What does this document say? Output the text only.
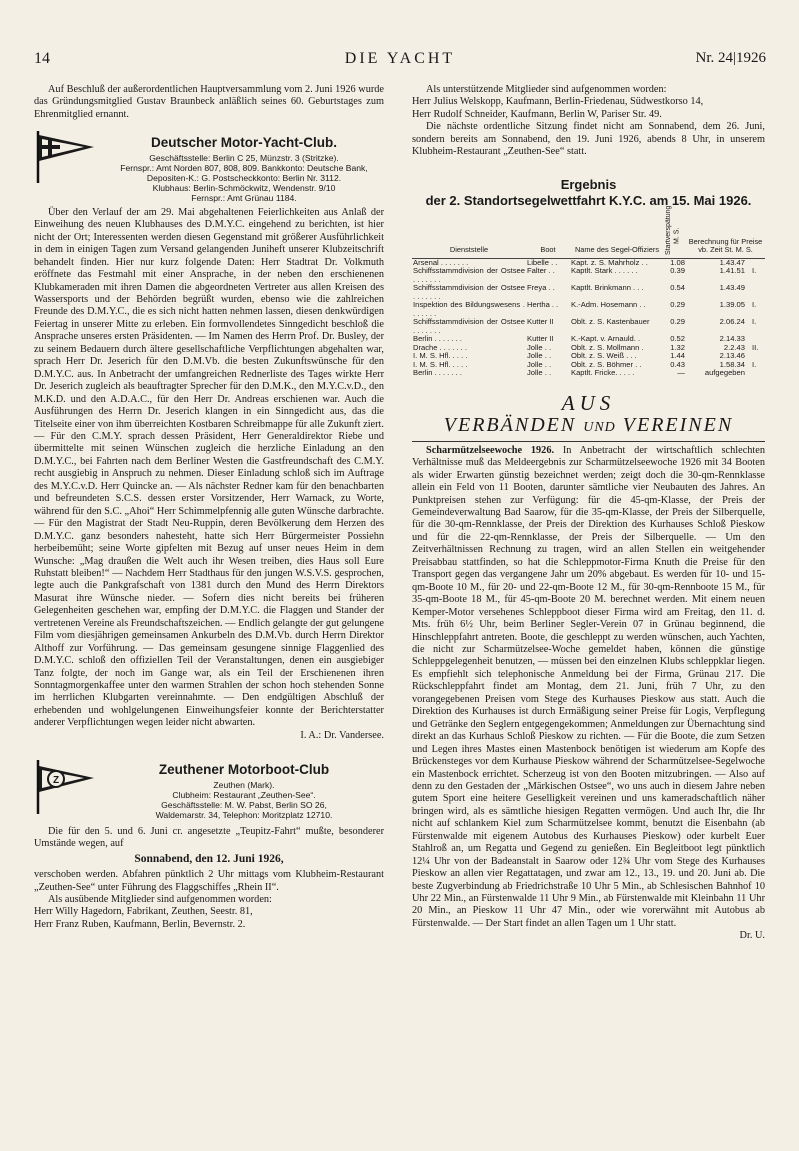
14	DIE YACHT	Nr. 24|1926

Auf Beschluß der außerordentlichen Hauptversammlung vom 2. Juni 1926 wurde das Gründungsmitglied Gustav Braunbeck anläßlich seines 60. Geburtstages zum Ehrenmitglied ernannt.

Deutscher Motor-Yacht-Club.
Geschäftsstelle: Berlin C 25, Münzstr. 3 (Stritzke).
Fernspr.: Amt Norden 807, 808, 809. Bankkonto: Deutsche Bank, Depositen-K.: G. Postscheckkonto: Berlin Nr. 3112.
Klubhaus: Berlin-Schmöckwitz, Wendenstr. 9/10
Fernspr.: Amt Grünau 1184.

Über den Verlauf der am 29. Mai abgehaltenen Feierlichkeiten aus Anlaß der Einweihung des neuen Klubhauses des D.M.Y.C. eingehend zu berichten, ist hier nicht der Ort; Interessenten werden diesen Gegenstand mit größerer Ausführlichkeit in dem in einigen Tagen zum Versand gelangenden Juniheft unserer Klubzeitschrift behandelt finden. Hier nur kurz folgende Daten: Herr Stadtrat Dr. Volkmuth eröffnete das Festmahl mit einer Ansprache, in der neben den erschienenen Klubkameraden mit ihren Damen die abgeordneten Vertreter aus allen Kreisen des Wassersports und der Behörden begrüßt wurden, ebenso wie die zahlreichen Freunde des D.M.Y.C., die es sich nicht hatten nehmen lassen, diesen denkwürdigen Feiertag in unserer Mitte zu erleben. Ein formvollendetes Sinngedicht beschloß die Ansprache unseres ersten Präsidenten. — Im Namen des Herrn Prof. Dr. Busley, der zu seinem Bedauern durch ältere gesellschaftliche Verpflichtungen abgehalten war, sprach Herr Dr. Jeserich für den D.M.Vb. die besten Zukunftswünsche für den D.M.Y.C. aus. In Anbetracht der umfangreichen Rednerliste des Tages wirkte Herr Dr. Jeserich zugleich als beauftragter Sprecher für den D.M.K., den M.Y.C.v.D., den M.K.D. und den A.D.A.C., für den Herr Dr. Andreas erschienen war. Auch die Ausführungen des Herrn Dr. Jeserich klangen in ein Sinngedicht aus, das die Titelseite einer von ihm überreichten Kostbaren Schreibmappe für alle Zukunft ziert. — Für den C.M.Y. sprach dessen Präsident, Herr Generaldirektor Riebe und übermittelte mit seinen Wünschen zugleich die herzliche Einladung an den D.M.Y.C., bei Fahrten nach dem Berliner Westen die Gastfreundschaft des C.M.Y. recht ausgiebig in Anspruch zu nehmen. Dieser Einladung schloß sich im Auftrage des M.Y.C.v.D. Herr Quincke an. — Als nächster Redner kam für den benachbarten und befreundeten S.C.S. dessen erster Vorsitzender, Herr Warnack, zu Worte, während für den S.C. „Ahoi“ Herr Schimmelpfennig alle guten Wünsche darbrachte. — Für den Magistrat der Stadt Neu-Ruppin, deren Bevölkerung dem Herzen des D.M.Y.C. ganz besonders nahesteht, hatte sich Herr Bürgermeister Possiehn herbeibemüht; seine Worte gipfelten mit Bezug auf unser neues Heim in dem Wunsche: „Mag draußen die Welt auch ihr Wesen treiben, dies Haus soll Eure Ruhstatt bleiben!“ — Nachdem Herr Stadthaus für den jungen W.S.V.S. gesprochen, legte auch die Pankgrafschaft von 1381 durch den Mund des Herrn Direktors Masurat ihre Wünsche nieder. — Sofern dies nicht bereits bei früheren Gelegenheiten geschehen war, empfing der D.M.Y.C. die Flaggen und Stander der vertretenen Vereine als Freundschaftszeichen. — Endlich gelangte der gut gelungene Film vom diesjährigen gemeinsamen Ankurbeln des D.M.Vb. durch Herrn Direktor Althoff zur Vorführung. — Das gemeinsam gesungene sinnige Flaggenlied des D.M.Y.C. schloß den offiziellen Teil der Veranstaltungen, denen ein ausgiebiger Tanz folgte, der noch im Gange war, als ein Teil der Erschienenen ihren Sonntagmorgenkaffee unter den warmen Strahlen der schon hoch stehenden Sonne im herrlichen Klubgarten vereinnahmte. — Den endgültigen Abschluß der erhebenden und wohlgelungenen Einweihungsfeier konnte der Berichterstatter anderer Verpflichtungen wegen leider nicht abwarten.

I. A.: Dr. Vandersee.

Z
Zeuthener Motorboot-Club
Zeuthen (Mark).
Clubheim: Restaurant „Zeuthen-See“.
Geschäftsstelle: M. W. Pabst, Berlin SO 26,
Waldemarstr. 34, Telephon: Moritzplatz 12710.

Die für den 5. und 6. Juni cr. angesetzte „Teupitz-Fahrt“ mußte, besonderer Umstände wegen, auf

Sonnabend, den 12. Juni 1926,

verschoben werden. Abfahren pünktlich 2 Uhr mittags vom Klubheim-Restaurant „Zeuthen-See“ unter Führung des Flaggschiffes „Rhein II“.

Als ausübende Mitglieder sind aufgenommen worden:

Herr Willy Hagedorn, Fabrikant, Zeuthen, Seestr. 81,

Herr Franz Ruben, Kaufmann, Berlin, Bevernstr. 2.

Als unterstützende Mitglieder sind aufgenommen worden:

Herr Julius Welskopp, Kaufmann, Berlin-Friedenau, Südwestkorso 14,

Herr Rudolf Schneider, Kaufmann, Berlin W, Pariser Str. 49.

Die nächste ordentliche Sitzung findet nicht am Sonnabend, dem 26. Juni, sondern bereits am Sonnabend, den 19. Juni 1926, abends 8 Uhr, in unserem Klubheim-Restaurant „Zeuthen-See“ statt.

Ergebnis
der 2. Standortsegelwettfahrt K.Y.C. am 15. Mai 1926.
Dienststelle	Boot	Name des Segel-Offiziers	Startverspätung M. S.	Berechnung für Preise vb. Zeit St. M. S.	
Arsenal . . . . . . .	Libelle . .	Kapt. z. S. Mahrholz . .	1.08	1.43.47	
Schiffsstammdivision der Ostsee . . . . . . .	Falter . .	Kaptlt. Stark . . . . . .	0.39	1.41.51	I.
Schiffsstammdivision der Ostsee . . . . . . .	Freya . .	Kaptlt. Brinkmann . . .	0.54	1.43.49	
Inspektion des Bildungswesens . . . . . . .	Hertha . .	K.-Adm. Hosemann . .	0.29	1.39.05	I.
Schiffsstammdivision der Ostsee . . . . . . .	Kutter II	Oblt. z. S. Kastenbauer	0.29	2.06.24	I.
Berlin . . . . . . .	Kutter II	K.-Kapt. v. Arnauld. .	0.52	2.14.33	
Drache . . . . . . .	Jolle . .	Oblt. z. S. Mollmann .	1.32	2.2.43	II.
I. M. S. Hfl. . . . .	Jolle . .	Oblt. z. S. Weiß . . .	1.44	2.13.46	
I. M. S. Hfl. . . . .	Jolle . .	Oblt. z. S. Böhmer . .	0.43	1.58.34	I.
Berlin . . . . . . .	Jolle . .	Kaptlt. Fricke. . . . .	—	aufgegeben	
AUS
VERBÄNDEN UND VEREINEN

Scharmützelseewoche 1926. In Anbetracht der wirtschaftlich schlechten Verhältnisse muß das Meldeergebnis zur Scharmützelseewoche 1926 mit 34 Booten als wider Erwarten günstig bezeichnet werden; zeigt doch die 30-qm-Rennklasse allein ein Feld von 11 Booten, darunter sämtliche vier Neubauten des Jahres. An Punktpreisen stehen zur Verfügung: für die 45-qm-Klasse, der Preis der Gemeindeverwaltung Bad Saarow, für die 35-qm-Klasse, der Preis der Silberquelle, für die 30-qm-Rennklasse, der Preis der Direktion des Kurhauses Schloß Pieskow und für die 22-qm-Rennklasse, der Preis der Silberquelle. — Um den Zeitverhältnissen Rechnung zu tragen, wird an allen Stellen ein weitgehender Preisabbau stattfinden, so hat die Schleppmotor-Firma Knuth die Preise für den Transport gegen das vergangene Jahr um 20% abgebaut. Es werden für 10- und 15-qm-Boote 10 M., für 20- und 22-qm-Boote 12 M., für 30-qm-Rennboote 15 M., für 35-qm-Boote 18 M., für 45-qm-Boote 20 M. berechnet werden. Mit einem neuen Kemper-Motor versehenes Schleppboot dieser Firma wird am Freitag, den 11. d. Mts. früh 6½ Uhr, beim Berliner Segler-Verein 07 in Grünau beginnend, die Hinschleppfahrt antreten. Boote, die geschleppt zu werden wünschen, auch Yachten, die nicht zur Scharmützelsee-Woche gemeldet haben, können die günstige Schleppgelegenheit benutzen, — müssen bei den einzelnen Klubs schleppklar liegen. Es empfiehlt sich telephonische Anmeldung bei der Firma, Grünau 217. Die Rückschleppfahrt findet am Montag, dem 21. Juni, früh 7 Uhr, zu den vorangegebenen Preisen vom Stege des Kurhauses Pieskow aus statt. Auch die Direktion des Kurhauses ist durch Ermäßigung seiner Preise für Logis, Verpflegung und Getränke den Seglern entgegengekommen; Anmeldungen zur Übernachtung sind direkt an das Kurhaus Schloß Pieskow zu richten. — Für die Boote, die zum Setzen und Legen ihres Mastes einen Mastenbock benötigen ist wiederum am Kopfe des Brückensteges vor dem Kurhause Pieskow während der Scharmützelsee-Segelwoche ein Mastenbock errichtet. Scherzeug ist von den Booten mitzubringen. — Also auf denn zu den Gestaden der „Märkischen Ostsee“, wo uns auch in diesem Jahre neben gutem Sport eine heitere Geselligkeit vereinen und uns kameradschaftlich näher bringen wird, als es sämtliche hiesigen Regatten vermögen. Und auch Ihr, die Ihr nicht auf schlankem Kiel zum Scharmützelsee kommt, benutzt die Eisenbahn (ab Fürstenwalde mit eigenem Autobus des Kurhauses Pieskow) oder kurbelt Euer Stahlroß an, um Regatta und Gegend zu genießen. Ein Begleitboot legt pünktlich 12¼ Uhr von der Badeanstalt in Saarow oder 12¾ Uhr vom Stege des Kurhauses Pieskow an allen vier Regattatagen, und zwar am 12., 13., 19. und 20. Juni ab. Die beste Zugverbindung ab Friedrichstraße 10 Uhr 5 Min., ab Schlesischen Bahnhof 10 Uhr 22 Min., an Fürstenwalde 11 Uhr 9 Min., ab Fürstenwalde mit Kleinbahn 11 Uhr 20 Min., an Pieskow 11 Uhr 47 Min., oder wie vorerwähnt mit Autobus ab Fürstenwalde. — Der Start findet an allen Tagen um 1 Uhr statt.

Dr. U.
